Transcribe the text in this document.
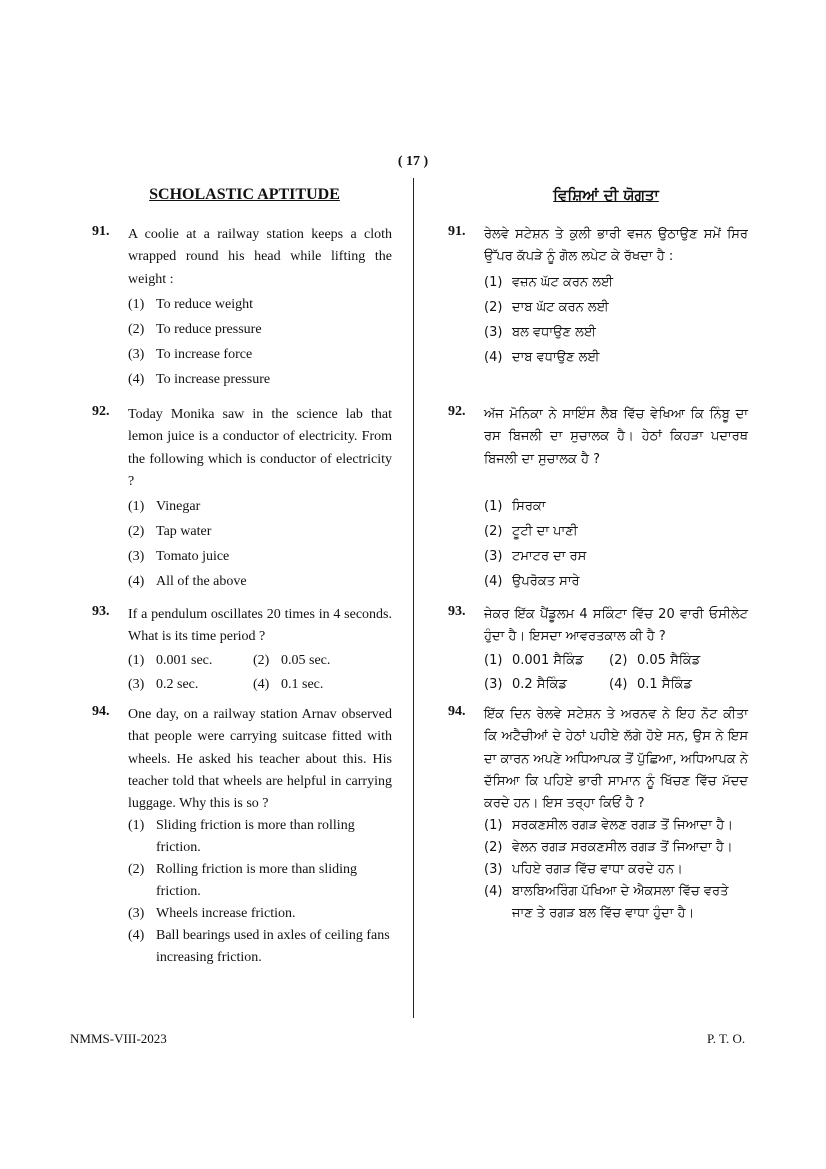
( 17 )
SCHOLASTIC APTITUDE
91. A coolie at a railway station keeps a cloth wrapped round his head while lifting the weight :
(1) To reduce weight
(2) To reduce pressure
(3) To increase force
(4) To increase pressure
92. Today Monika saw in the science lab that lemon juice is a conductor of electricity. From the following which is conductor of electricity ?
(1) Vinegar
(2) Tap water
(3) Tomato juice
(4) All of the above
93. If a pendulum oscillates 20 times in 4 seconds. What is its time period ?
(1) 0.001 sec.	(2) 0.05 sec.
(3) 0.2 sec.	(4) 0.1 sec.
94. One day, on a railway station Arnav observed that people were carrying suitcase fitted with wheels. He asked his teacher about this. His teacher told that wheels are helpful in carrying luggage. Why this is so ?
(1) Sliding friction is more than rolling friction.
(2) Rolling friction is more than sliding friction.
(3) Wheels increase friction.
(4) Ball bearings used in axles of ceiling fans increasing friction.
ਵਿਸ਼ਿਆਂ ਦੀ ਯੋਗਤਾ
91. ਰੇਲਵੇ ਸਟੇਸ਼ਨ ਤੇ ਕੁਲੀ ਭਾਰੀ ਵਜਨ ਉਠਾਉਣ ਸਮੇਂ ਸਿਰ ਉੱਪਰ ਕੱਪੜੇ ਨੂੰ ਗੋਲ ਲਪੇਟ ਕੇ ਰੱਖਦਾ ਹੈ :
(1) ਵਜ਼ਨ ਘੱਟ ਕਰਨ ਲਈ
(2) ਦਾਬ ਘੱਟ ਕਰਨ ਲਈ
(3) ਬਲ ਵਧਾਉਣ ਲਈ
(4) ਦਾਬ ਵਧਾਉਣ ਲਈ
92. ਅੱਜ ਮੋਨਿਕਾ ਨੇ ਸਾਇੰਸ ਲੈਬ ਵਿੱਚ ਵੇਖਿਆ ਕਿ ਨਿੰਬੂ ਦਾ ਰਸ ਬਿਜਲੀ ਦਾ ਸੁਚਾਲਕ ਹੈ। ਹੇਠਾਂ ਕਿਹੜਾ ਪਦਾਰਥ ਬਿਜਲੀ ਦਾ ਸੁਚਾਲਕ ਹੈ ?
(1) ਸਿਰਕਾ
(2) ਟੂਟੀ ਦਾ ਪਾਣੀ
(3) ਟਮਾਟਰ ਦਾ ਰਸ
(4) ਉਪਰੋਕਤ ਸਾਰੇ
93. ਜੇਕਰ ਇੱਕ ਪੈਂਡੂਲਮ 4 ਸਕਿੰਟਾ ਵਿੱਚ 20 ਵਾਰੀ ਓਸੀਲੇਟ ਹੁੰਦਾ ਹੈ। ਇਸਦਾ ਆਵਰਤਕਾਲ ਕੀ ਹੈ ?
(1) 0.001 ਸੈਕਿੰਡ (2) 0.05 ਸੈਕਿੰਡ
(3) 0.2 ਸੈਕਿੰਡ	(4) 0.1 ਸੈਕਿੰਡ
94. ਇੱਕ ਦਿਨ ਰੇਲਵੇ ਸਟੇਸ਼ਨ ਤੇ ਅਰਨਵ ਨੇ ਇਹ ਨੋਟ ਕੀਤਾ ਕਿ ਅਟੈਚੀਆਂ ਦੇ ਹੇਠਾਂ ਪਹੀਏ ਲੱਗੇ ਹੋਏ ਸਨ, ਉਸ ਨੇ ਇਸ ਦਾ ਕਾਰਨ ਅਪਣੇ ਅਧਿਆਪਕ ਤੋਂ ਪੁੱਛਿਆ, ਅਧਿਆਪਕ ਨੇ ਦੱਸਿਆ ਕਿ ਪਹਿਏ ਭਾਰੀ ਸਾਮਾਨ ਨੂੰ ਖਿੱਚਣ ਵਿੱਚ ਮੱਦਦ ਕਰਦੇ ਹਨ। ਇਸ ਤਰ੍ਹਾ ਕਿਓਂ ਹੈ ?
(1) ਸਰਕਣਸੀਲ ਰਗੜ ਵੇਲਣ ਰਗੜ ਤੋਂ ਜਿਆਦਾ ਹੈ।
(2) ਵੇਲਨ ਰਗੜ ਸਰਕਣਸੀਲ ਰਗੜ ਤੋਂ ਜਿਆਦਾ ਹੈ।
(3) ਪਹਿਏ ਰਗੜ ਵਿੱਚ ਵਾਧਾ ਕਰਦੇ ਹਨ।
(4) ਬਾਲਬਿਅਰਿੰਗ ਪੱਖਿਆ ਦੇ ਐਕਸਲਾ ਵਿੱਚ ਵਰਤੇ ਜਾਣ ਤੇ ਰਗੜ ਬਲ ਵਿੱਚ ਵਾਧਾ ਹੁੰਦਾ ਹੈ।
NMMS-VIII-2023	P. T. O.
